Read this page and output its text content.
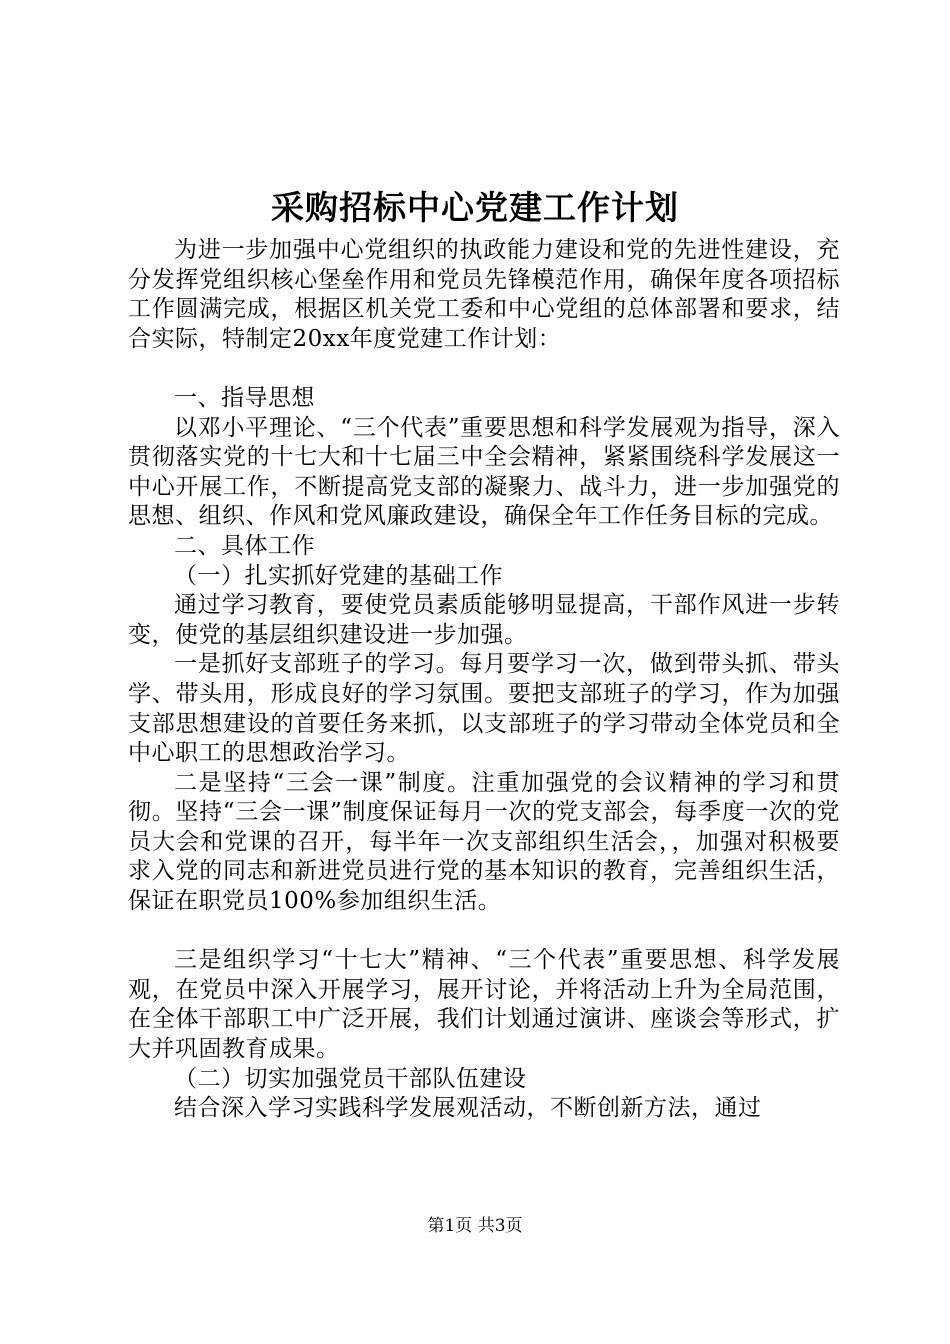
采购招标中心党建工作计划

为进一步加强中心党组织的执政能力建设和党的先进性建设，充分发挥党组织核心堡垒作用和党员先锋模范作用，确保年度各项招标工作圆满完成，根据区机关党工委和中心党组的总体部署和要求，结合实际，特制定20xx年度党建工作计划：

一、指导思想

以邓小平理论、“三个代表”重要思想和科学发展观为指导，深入贯彻落实党的十七大和十七届三中全会精神，紧紧围绕科学发展这一中心开展工作，不断提高党支部的凝聚力、战斗力，进一步加强党的思想、组织、作风和党风廉政建设，确保全年工作任务目标的完成。

二、具体工作

（一）扎实抓好党建的基础工作

通过学习教育，要使党员素质能够明显提高，干部作风进一步转变，使党的基层组织建设进一步加强。

一是抓好支部班子的学习。每月要学习一次，做到带头抓、带头学、带头用，形成良好的学习氛围。要把支部班子的学习，作为加强支部思想建设的首要任务来抓，以支部班子的学习带动全体党员和全中心职工的思想政治学习。

二是坚持“三会一课”制度。注重加强党的会议精神的学习和贯彻。坚持“三会一课”制度保证每月一次的党支部会，每季度一次的党员大会和党课的召开，每半年一次支部组织生活会，，加强对积极要求入党的同志和新进党员进行党的基本知识的教育，完善组织生活，保证在职党员100%参加组织生活。

三是组织学习“十七大”精神、“三个代表”重要思想、科学发展观，在党员中深入开展学习，展开讨论，并将活动上升为全局范围，在全体干部职工中广泛开展，我们计划通过演讲、座谈会等形式，扩大并巩固教育成果。

（二）切实加强党员干部队伍建设

结合深入学习实践科学发展观活动，不断创新方法，通过

第1页 共3页
